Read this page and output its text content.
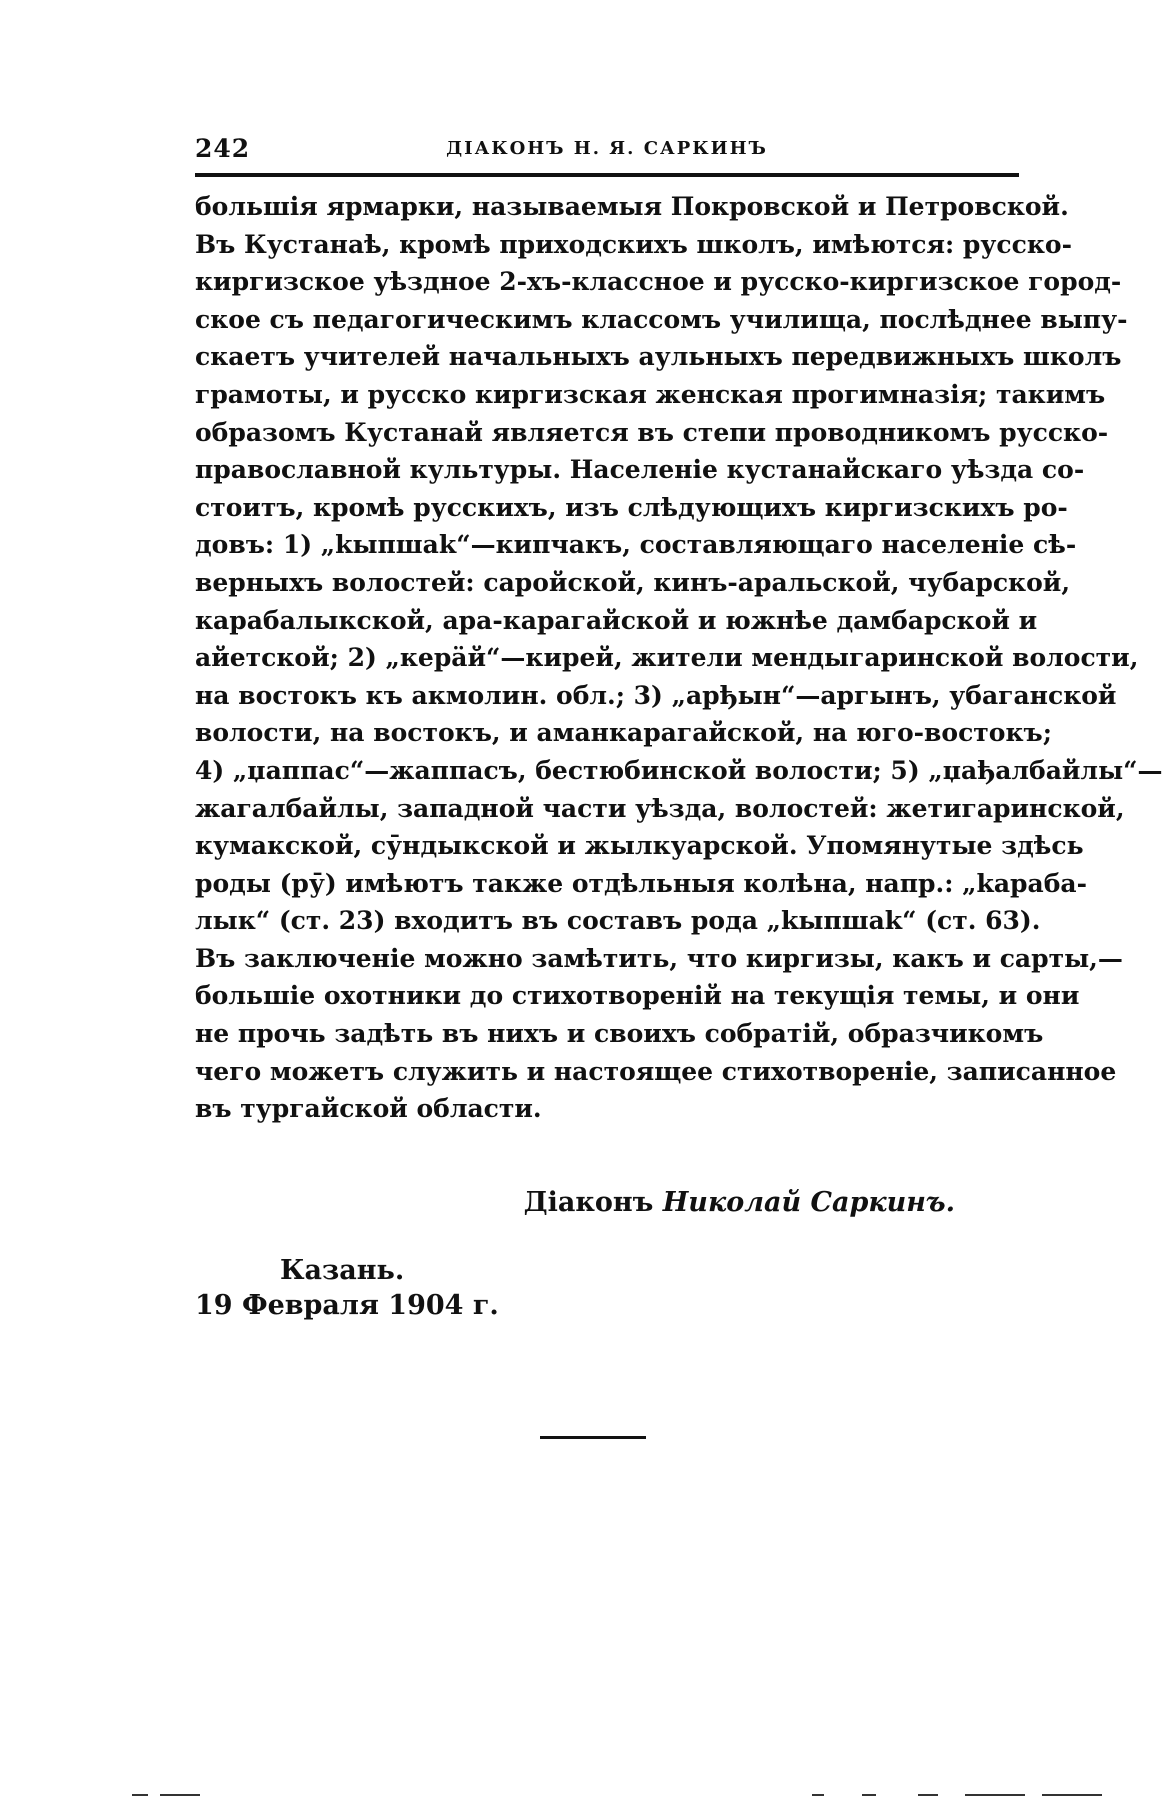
242	ДІАКОНЪ Н. Я. САРКИНЪ
большія ярмарки, называемыя Покровской и Петровской.
Въ Кустанаѣ, кромѣ приходскихъ школъ, имѣются: русско-
киргизское уѣздное 2-хъ-классное и русско-киргизское город-
ское съ педагогическимъ классомъ училища, послѣднее выпу-
скаетъ учителей начальныхъ аульныхъ передвижныхъ школъ
грамоты, и русско киргизская женская прогимназія; такимъ
образомъ Кустанай является въ степи проводникомъ русско-
православной культуры. Населеніе кустанайскаго уѣзда со-
стоитъ, кромѣ русскихъ, изъ слѣдующихъ киргизскихъ ро-
довъ: 1) „kыпшаk“—кипчакъ, составляющаго населеніе сѣ-
верныхъ волостей: саройской, кинъ-аральской, чубарской,
карабалыкской, ара-карагайской и южнѣе дамбарской и
айетской; 2) „керäй“—кирей, жители мендыгаринской волости,
на востокъ къ акмолин. обл.; 3) „арђын“—аргынъ, убаганской
волости, на востокъ, и аманкарагайской, на юго-востокъ;
4) „џаппас“—жаппасъ, бестюбинской волости; 5) „џађалбайлы“—
жагалбайлы, западной части уѣзда, волостей: жетигаринской,
кумакской, сӯндыкской и жылкуарской. Упомянутые здѣсь
роды (рӯ) имѣютъ также отдѣльныя колѣна, напр.: „kараба-
лык“ (ст. 23) входитъ въ составъ рода „kыпшаk“ (ст. 63).
Въ заключеніе можно замѣтить, что киргизы, какъ и сарты,—
большіе охотники до стихотвореній на текущія темы, и они
не прочь задѣть въ нихъ и своихъ собратій, образчикомъ
чего можетъ служить и настоящее стихотвореніе, записанное
въ тургайской области.
Діаконъ Николай Саркинъ.
Казань.
19 Февраля 1904 г.
